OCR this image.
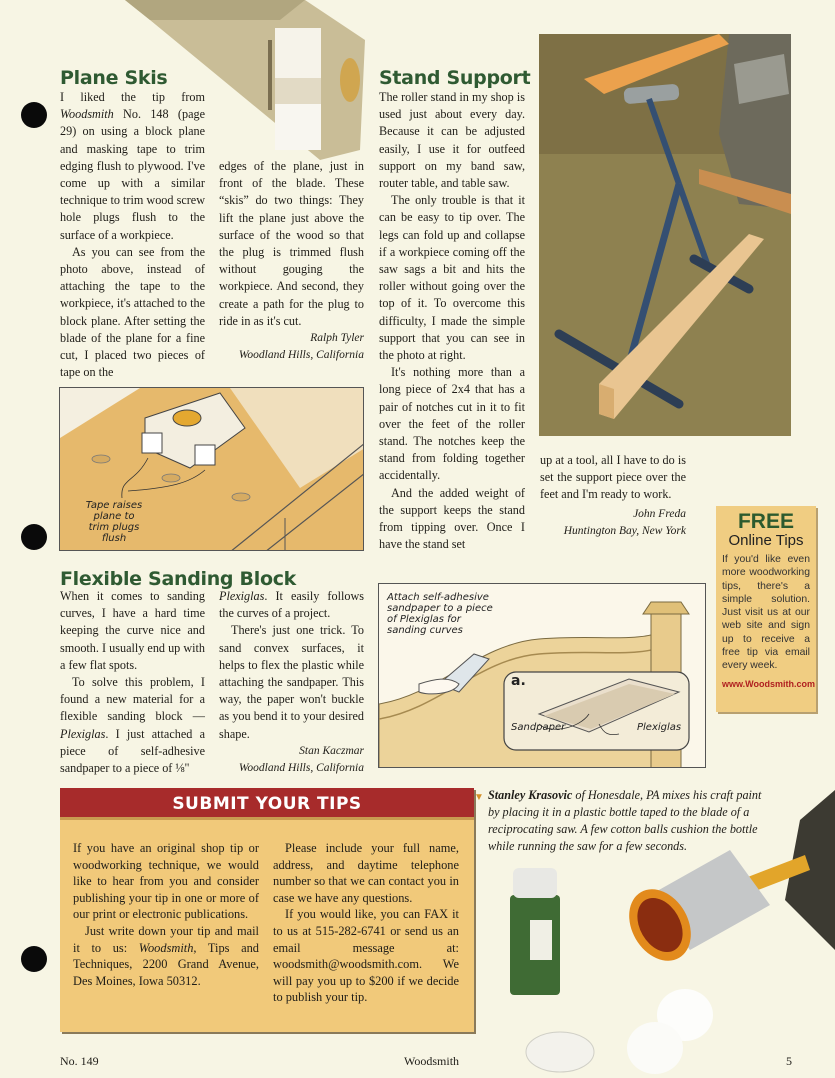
Plane Skis

I liked the tip from Woodsmith No. 148 (page 29) on using a block plane and masking tape to trim edging flush to plywood. I've come up with a similar technique to trim wood screw hole plugs flush to the surface of a workpiece.

As you can see from the photo above, instead of attaching the tape to the workpiece, it's attached to the block plane. After setting the blade of the plane for a fine cut, I placed two pieces of tape on the

edges of the plane, just in front of the blade. These “skis” do two things: They lift the plane just above the surface of the wood so that the plug is trimmed flush without gouging the workpiece. And second, they create a path for the plug to ride in as it's cut.

Ralph Tyler

Woodland Hills, California

Tape raises plane to trim plugs flush
Stand Support

The roller stand in my shop is used just about every day. Because it can be adjusted easily, I use it for outfeed support on my band saw, router table, and table saw.

The only trouble is that it can be easy to tip over. The legs can fold up and collapse if a workpiece coming off the saw sags a bit and hits the roller without going over the top of it. To overcome this difficulty, I made the simple support that you can see in the photo at right.

It's nothing more than a long piece of 2x4 that has a pair of notches cut in it to fit over the feet of the roller stand. The notches keep the stand from folding together accidentally.

And the added weight of the support keeps the stand from tipping over. Once I have the stand set

up at a tool, all I have to do is set the support piece over the feet and I'm ready to work.

John Freda

Huntington Bay, New York	FREE
Online Tips
If you'd like even more woodworking tips, there's a simple solution. Just visit us at our web site and sign up to receive a free tip via email every week.
www.Woodsmith.com
Flexible Sanding Block

When it comes to sanding curves, I have a hard time keeping the curve nice and smooth. I usually end up with a few flat spots.

To solve this problem, I found a new material for a flexible sanding block — Plexiglas. I just attached a piece of self-adhesive sandpaper to a piece of ⅛"

Plexiglas. It easily follows the curves of a project.

There's just one trick. To sand convex surfaces, it helps to flex the plastic while attaching the sandpaper. This way, the paper won't buckle as you bend it to your desired shape.

Stan Kaczmar

Woodland Hills, California

Attach self-adhesive sandpaper to a piece of Plexiglas for sanding curves
a.
Sandpaper	Plexiglas
SUBMIT YOUR TIPS

If you have an original shop tip or woodworking technique, we would like to hear from you and consider publishing your tip in one or more of our print or electronic publications.

Just write down your tip and mail it to us: Woodsmith, Tips and Techniques, 2200 Grand Avenue, Des Moines, Iowa 50312.

Please include your full name, address, and daytime telephone number so that we can contact you in case we have any questions.

If you would like, you can FAX it to us at 515-282-6741 or send us an email message at: woodsmith@woodsmith.com. We will pay you up to $200 if we decide to publish your tip.

▼ Stanley Krasovic of Honesdale, PA mixes his craft paint by placing it in a plastic bottle taped to the blade of a reciprocating saw. A few cotton balls cushion the bottle while running the saw for a few seconds.
No. 149	Woodsmith	5
